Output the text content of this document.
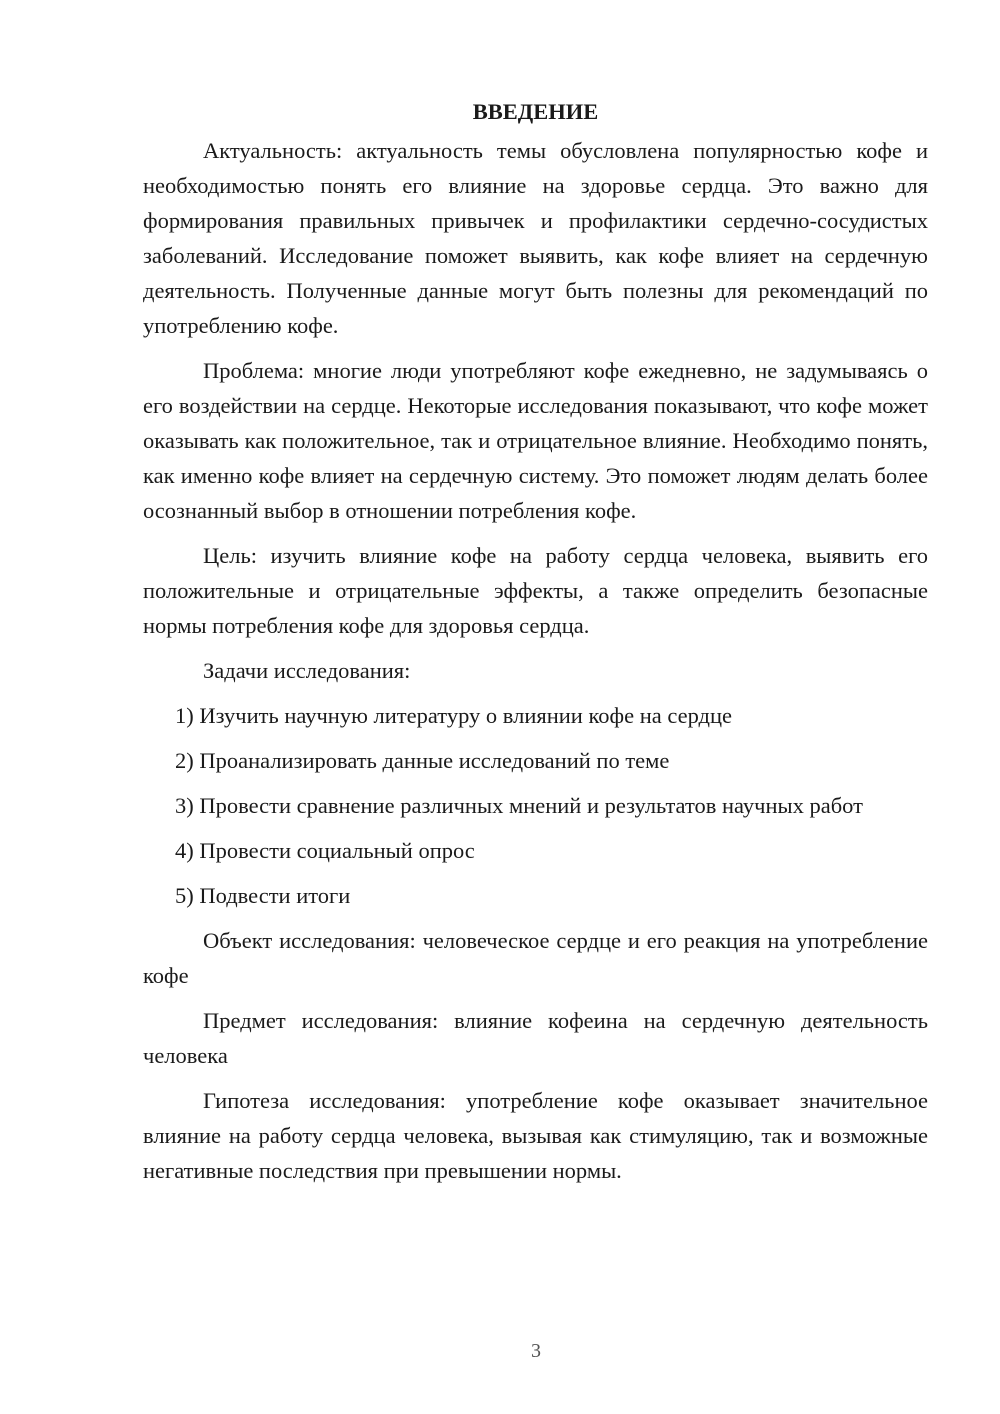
ВВЕДЕНИЕ

Актуальность: актуальность темы обусловлена популярностью кофе и необходимостью понять его влияние на здоровье сердца. Это важно для формирования правильных привычек и профилактики сердечно-сосудистых заболеваний. Исследование поможет выявить, как кофе влияет на сердечную деятельность. Полученные данные могут быть полезны для рекомендаций по употреблению кофе.

Проблема: многие люди употребляют кофе ежедневно, не задумываясь о его воздействии на сердце. Некоторые исследования показывают, что кофе может оказывать как положительное, так и отрицательное влияние. Необходимо понять, как именно кофе влияет на сердечную систему. Это поможет людям делать более осознанный выбор в отношении потребления кофе.

Цель: изучить влияние кофе на работу сердца человека, выявить его положительные и отрицательные эффекты, а также определить безопасные нормы потребления кофе для здоровья сердца.

Задачи исследования:

1) Изучить научную литературу о влиянии кофе на сердце

2) Проанализировать данные исследований по теме

3) Провести сравнение различных мнений и результатов научных работ

4) Провести социальный опрос

5) Подвести итоги

Объект исследования: человеческое сердце и его реакция на употребление кофе

Предмет исследования: влияние кофеина на сердечную деятельность человека

Гипотеза исследования: употребление кофе оказывает значительное влияние на работу сердца человека, вызывая как стимуляцию, так и возможные негативные последствия при превышении нормы.

3
